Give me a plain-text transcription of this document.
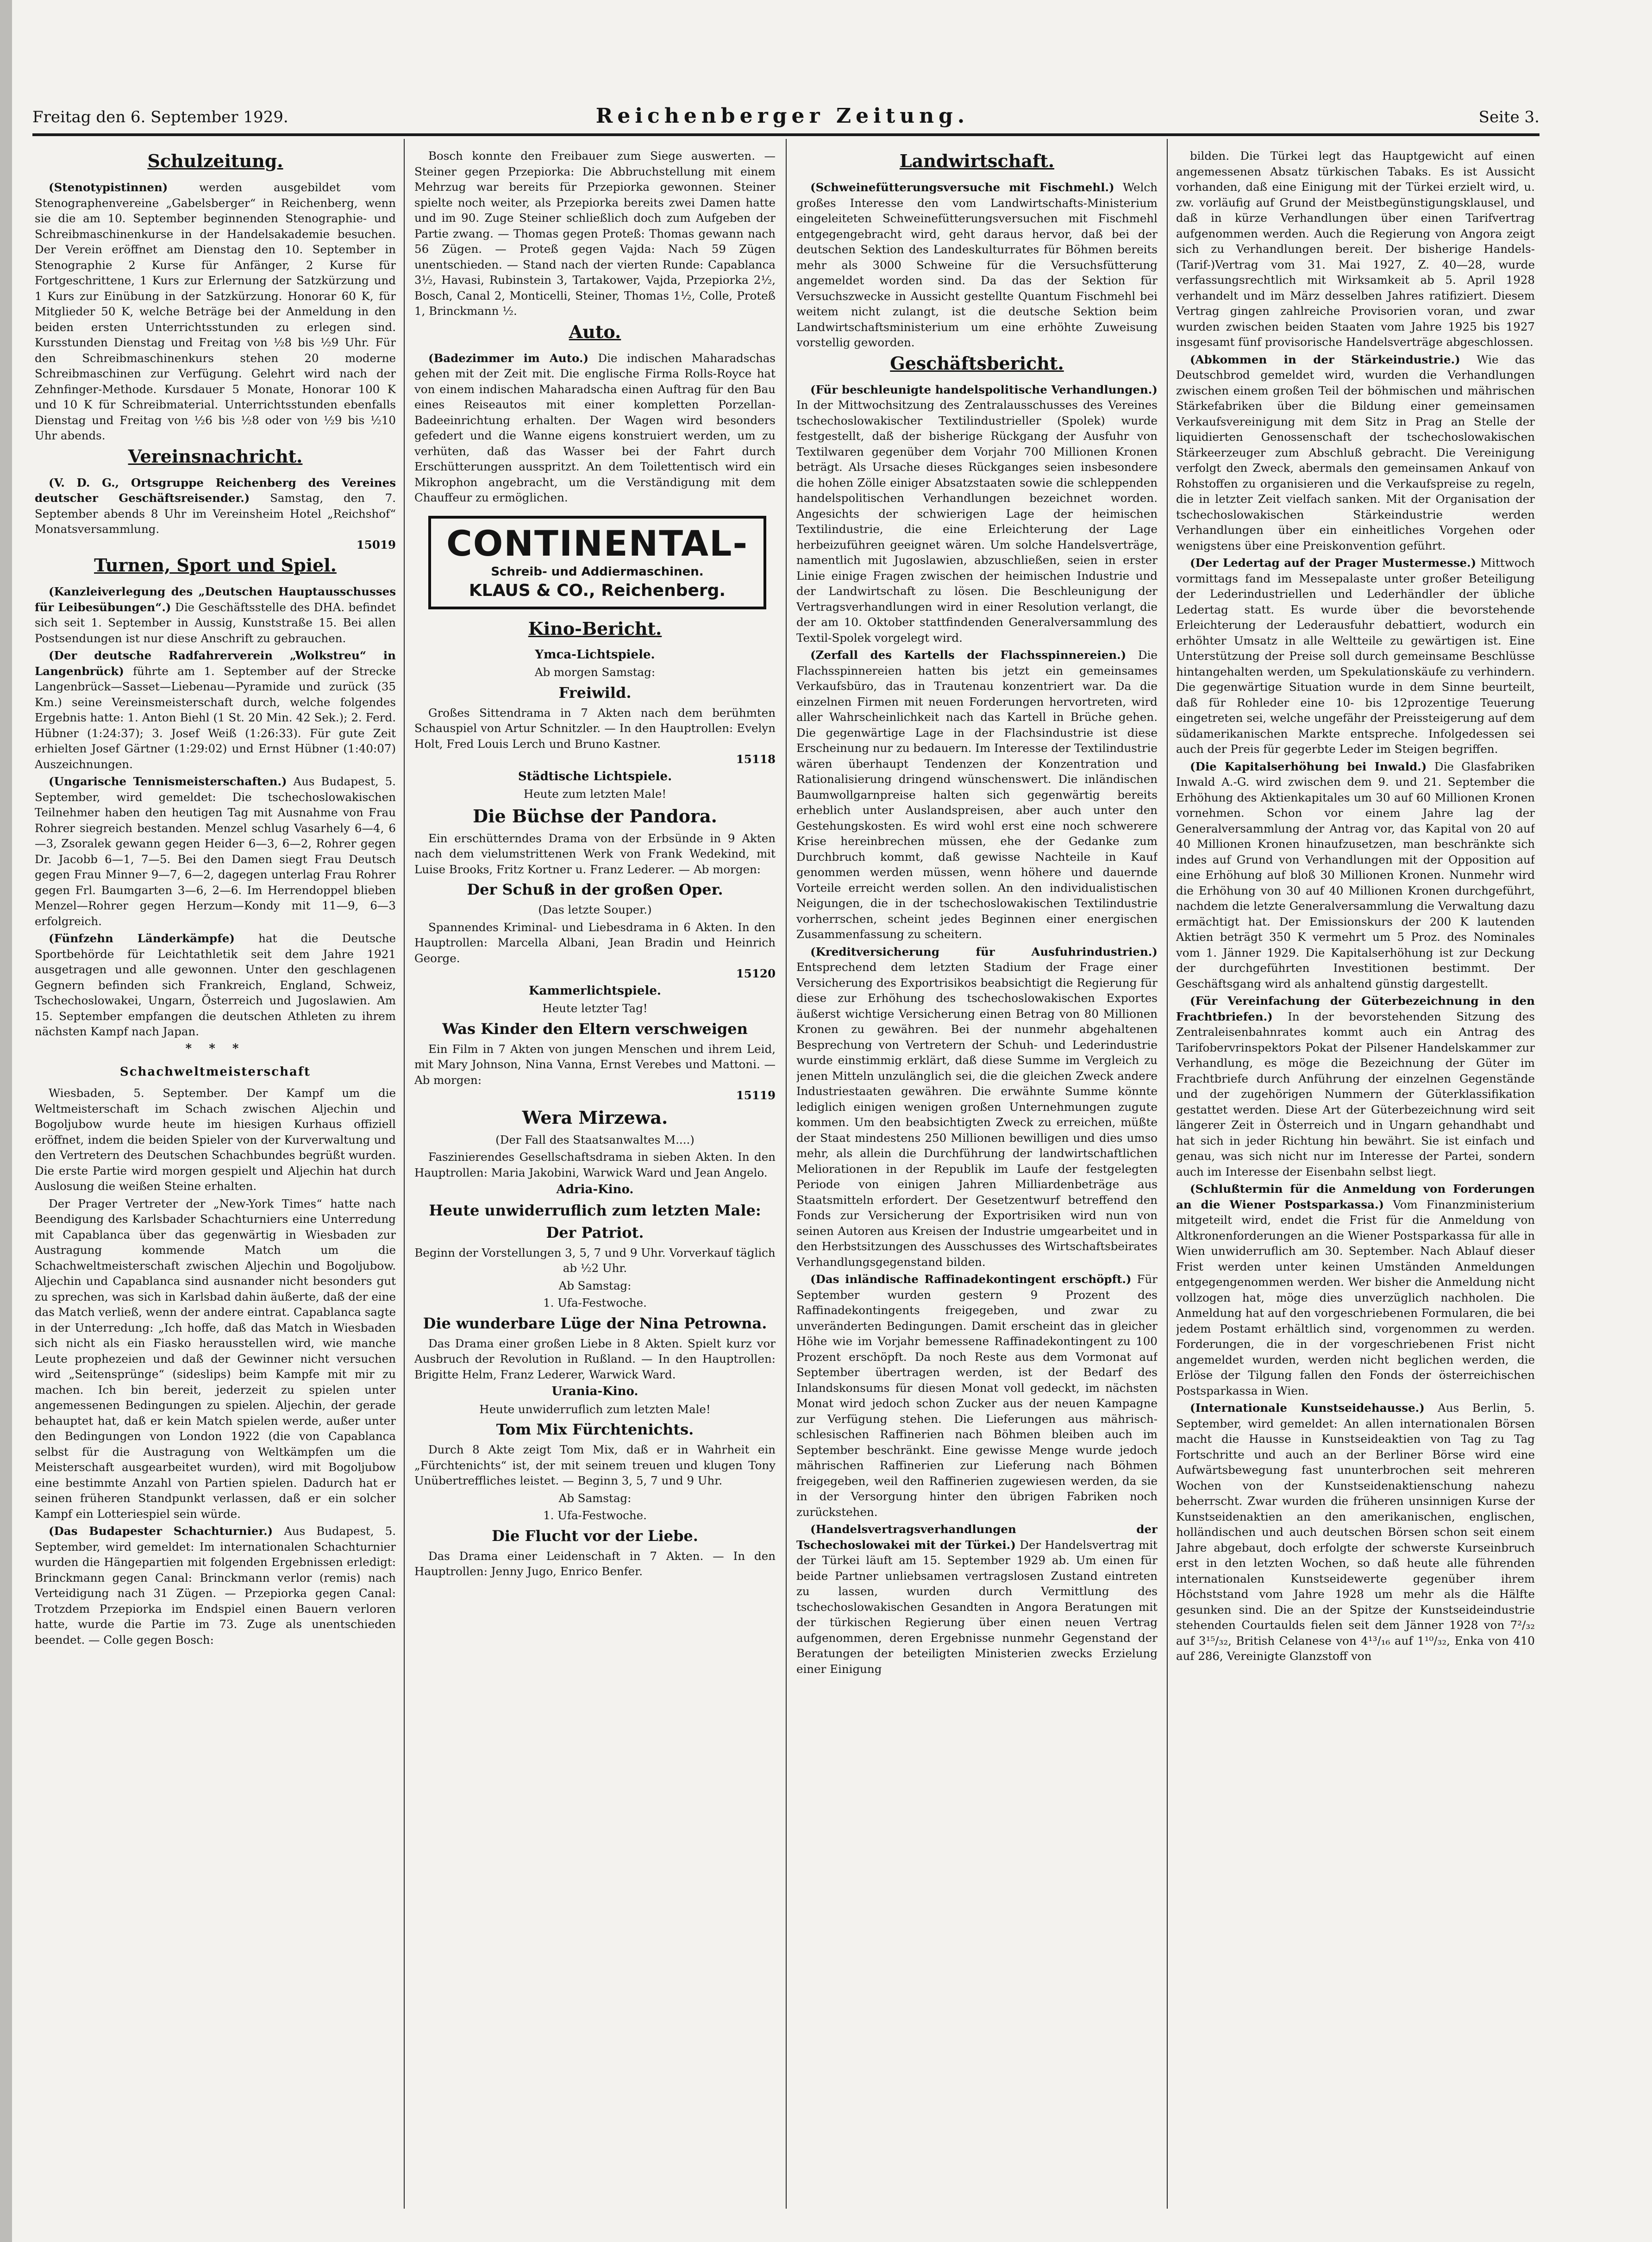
Freitag den 6. September 1929.	Reichenberger Zeitung.	Seite 3.
Schulzeitung.

(Stenotypistinnen)	werden ausgebildet vom Stenographenvereine „Gabelsberger“ in Reichenberg, wenn sie die am 10. September beginnenden Stenographie- und Schreibmaschinenkurse in der Handelsakademie besuchen. Der Verein eröffnet am Dienstag den 10. September in Stenographie 2 Kurse für Anfänger, 2 Kurse für Fortgeschrittene, 1 Kurs zur Erlernung der Satzkürzung und 1 Kurs zur Einübung in der Satzkürzung. Honorar 60 K, für Mitglieder 50 K, welche Beträge bei der Anmeldung in den beiden ersten Unterrichtsstunden zu erlegen sind. Kursstunden Dienstag und Freitag von ½8 bis ½9 Uhr. Für den Schreibmaschinenkurs stehen 20 moderne Schreibmaschinen zur Verfügung. Gelehrt wird nach der Zehnfinger-Methode. Kursdauer 5 Monate, Honorar 100 K und 10 K für Schreibmaterial. Unterrichtsstunden ebenfalls Dienstag und Freitag von ½6 bis ½8 oder von ½9 bis ½10 Uhr abends.

Vereinsnachricht.

(V. D. G., Ortsgruppe Reichenberg des Vereines deutscher Geschäftsreisender.) Samstag, den 7. September abends 8 Uhr im Vereinsheim Hotel „Reichshof“ Monatsversammlung.
15019

Turnen, Sport und Spiel.

(Kanzleiverlegung des „Deutschen Hauptausschusses für Leibesübungen“.) Die Geschäftsstelle des DHA. befindet sich seit 1. September in Aussig, Kunststraße 15. Bei allen Postsendungen ist nur diese Anschrift zu gebrauchen.

(Der deutsche Radfahrerverein „Wolkstreu“ in Langenbrück) führte am 1. September auf der Strecke Langenbrück—Sasset—Liebenau—Pyramide und zurück (35 Km.) seine Vereinsmeisterschaft durch, welche folgendes Ergebnis hatte: 1. Anton Biehl (1 St. 20 Min. 42 Sek.); 2. Ferd. Hübner (1:24:37); 3. Josef Weiß (1:26:33). Für gute Zeit erhielten Josef Gärtner (1:29:02) und Ernst Hübner (1:40:07) Auszeichnungen.

(Ungarische Tennismeisterschaften.) Aus Budapest, 5. September, wird gemeldet: Die tschechoslowakischen Teilnehmer haben den heutigen Tag mit Ausnahme von Frau Rohrer siegreich bestanden. Menzel schlug Vasarhely 6—4, 6—3, Zsoralek gewann gegen Heider 6—3, 6—2, Rohrer gegen Dr. Jacobb 6—1, 7—5. Bei den Damen siegt Frau Deutsch gegen Frau Minner 9—7, 6—2, dagegen unterlag Frau Rohrer gegen Frl. Baumgarten 3—6, 2—6. Im Herrendoppel blieben Menzel—Rohrer gegen Herzum—Kondy mit 11—9, 6—3 erfolgreich.

(Fünfzehn Länderkämpfe) hat die Deutsche Sportbehörde für Leichtathletik seit dem Jahre 1921 ausgetragen und alle gewonnen. Unter den geschlagenen Gegnern befinden sich Frankreich, England, Schweiz, Tschechoslowakei, Ungarn, Österreich und Jugoslawien. Am 15. September empfangen die deutschen Athleten zu ihrem nächsten Kampf nach Japan.

* * *
Schachweltmeisterschaft

Wiesbaden, 5. September. Der Kampf um die Weltmeisterschaft im Schach zwischen Aljechin und Bogoljubow wurde heute im hiesigen Kurhaus offiziell eröffnet, indem die beiden Spieler von der Kurverwaltung und den Vertretern des Deutschen Schachbundes begrüßt wurden. Die erste Partie wird morgen gespielt und Aljechin hat durch Auslosung die weißen Steine erhalten.

Der Prager Vertreter der „New-York Times“ hatte nach Beendigung des Karlsbader Schachturniers eine Unterredung mit Capablanca über das gegenwärtig in Wiesbaden zur Austragung kommende Match um die Schachweltmeisterschaft zwischen Aljechin und Bogoljubow. Aljechin und Capablanca sind ausnander nicht besonders gut zu sprechen, was sich in Karlsbad dahin äußerte, daß der eine das Match verließ, wenn der andere eintrat. Capablanca sagte in der Unterredung: „Ich hoffe, daß das Match in Wiesbaden sich nicht als ein Fiasko herausstellen wird, wie manche Leute prophezeien und daß der Gewinner nicht versuchen wird „Seitensprünge“ (sideslips) beim Kampfe mit mir zu machen. Ich bin bereit, jederzeit zu spielen unter angemessenen Bedingungen zu spielen. Aljechin, der gerade behauptet hat, daß er kein Match spielen werde, außer unter den Bedingungen von London 1922 (die von Capablanca selbst für die Austragung von Weltkämpfen um die Meisterschaft ausgearbeitet wurden), wird mit Bogoljubow eine bestimmte Anzahl von Partien spielen. Dadurch hat er seinen früheren Standpunkt verlassen, daß er ein solcher Kampf ein Lotteriespiel sein würde.

(Das Budapester Schachturnier.) Aus Budapest, 5. September, wird gemeldet: Im internationalen Schachturnier wurden die Hängepartien mit folgenden Ergebnissen erledigt: Brinckmann gegen Canal: Brinckmann verlor (remis) nach Verteidigung nach 31 Zügen. — Przepiorka gegen Canal: Trotzdem Przepiorka im Endspiel einen Bauern verloren hatte, wurde die Partie im 73. Zuge als unentschieden beendet. — Colle gegen Bosch:

Bosch konnte den Freibauer zum Siege auswerten. — Steiner gegen Przepiorka: Die Abbruchstellung mit einem Mehrzug war bereits für Przepiorka gewonnen. Steiner spielte noch weiter, als Przepiorka bereits zwei Damen hatte und im 90. Zuge Steiner schließlich doch zum Aufgeben der Partie zwang. — Thomas gegen Proteß: Thomas gewann nach 56 Zügen. — Proteß gegen Vajda: Nach 59 Zügen unentschieden. — Stand nach der vierten Runde: Capablanca 3½, Havasi, Rubinstein 3, Tartakower, Vajda, Przepiorka 2½, Bosch, Canal 2, Monticelli, Steiner, Thomas 1½, Colle, Proteß 1, Brinckmann ½.

Auto.

(Badezimmer im Auto.) Die indischen Maharadschas gehen mit der Zeit mit. Die englische Firma Rolls-Royce hat von einem indischen Maharadscha einen Auftrag für den Bau eines Reiseautos mit einer kompletten Porzellan-Badeeinrichtung erhalten. Der Wagen wird besonders gefedert und die Wanne eigens konstruiert werden, um zu verhüten, daß das Wasser bei der Fahrt durch Erschütterungen ausspritzt. An dem Toilettentisch wird ein Mikrophon angebracht, um die Verständigung mit dem Chauffeur zu ermöglichen.

CONTINENTAL-
Schreib- und Addiermaschinen.
KLAUS & CO., Reichenberg.
Kino-Bericht.
Ymca-Lichtspiele.

Ab morgen Samstag:

Freiwild.

Großes Sittendrama in 7 Akten nach dem berühmten Schauspiel von Artur Schnitzler. — In den Hauptrollen: Evelyn Holt, Fred Louis Lerch und Bruno Kastner.
15118

Städtische Lichtspiele.

Heute zum letzten Male!

Die Büchse der Pandora.

Ein erschütterndes Drama von der Erbsünde in 9 Akten nach dem vielumstrittenen Werk von Frank Wedekind, mit Luise Brooks, Fritz Kortner u. Franz Lederer. — Ab morgen:

Der Schuß in der großen Oper.

(Das letzte Souper.)

Spannendes Kriminal- und Liebesdrama in 6 Akten. In den Hauptrollen: Marcella Albani, Jean Bradin und Heinrich George.
15120

Kammerlichtspiele.

Heute letzter Tag!

Was Kinder den Eltern verschweigen

Ein Film in 7 Akten von jungen Menschen und ihrem Leid, mit Mary Johnson, Nina Vanna, Ernst Verebes und Mattoni. — Ab morgen:
15119

Wera Mirzewa.

(Der Fall des Staatsanwaltes M....)

Faszinierendes Gesellschaftsdrama in sieben Akten. In den Hauptrollen: Maria Jakobini, Warwick Ward und Jean Angelo.

Adria-Kino.
Heute unwiderruflich zum letzten Male:
Der Patriot.

Beginn der Vorstellungen 3, 5, 7 und 9 Uhr. Vorverkauf täglich ab ½2 Uhr.

Ab Samstag:

1. Ufa-Festwoche.

Die wunderbare Lüge der Nina Petrowna.

Das Drama einer großen Liebe in 8 Akten. Spielt kurz vor Ausbruch der Revolution in Rußland. — In den Hauptrollen: Brigitte Helm, Franz Lederer, Warwick Ward.

Urania-Kino.

Heute unwiderruflich zum letzten Male!

Tom Mix Fürchtenichts.

Durch 8 Akte zeigt Tom Mix, daß er in Wahrheit ein „Fürchtenichts“ ist, der mit seinem treuen und klugen Tony Unübertreffliches leistet. — Beginn 3, 5, 7 und 9 Uhr.

Ab Samstag:

1. Ufa-Festwoche.

Die Flucht vor der Liebe.

Das Drama einer Leidenschaft in 7 Akten. — In den Hauptrollen: Jenny Jugo, Enrico Benfer.

Landwirtschaft.

(Schweinefütterungsversuche mit Fischmehl.) Welch großes Interesse den vom Landwirtschafts-Ministerium eingeleiteten Schweinefütterungsversuchen mit Fischmehl entgegengebracht wird, geht daraus hervor, daß bei der deutschen Sektion des Landeskulturrates für Böhmen bereits mehr als 3000 Schweine für die Versuchsfütterung angemeldet worden sind. Da das der Sektion für Versuchszwecke in Aussicht gestellte Quantum Fischmehl bei weitem nicht zulangt, ist die deutsche Sektion beim Landwirtschaftsministerium um eine erhöhte Zuweisung vorstellig geworden.

Geschäftsbericht.

(Für beschleunigte handelspolitische Verhandlungen.) In der Mittwochsitzung des Zentralausschusses des Vereines tschechoslowakischer Textilindustrieller (Spolek) wurde festgestellt, daß der bisherige Rückgang der Ausfuhr von Textilwaren gegenüber dem Vorjahr 700 Millionen Kronen beträgt. Als Ursache dieses Rückganges seien insbesondere die hohen Zölle einiger Absatzstaaten sowie die schleppenden handelspolitischen Verhandlungen bezeichnet worden. Angesichts der schwierigen Lage der heimischen Textilindustrie, die eine Erleichterung der Lage herbeizuführen geeignet wären. Um solche Handelsverträge, namentlich mit Jugoslawien, abzuschließen, seien in erster Linie einige Fragen zwischen der heimischen Industrie und der Landwirtschaft zu lösen. Die Beschleunigung der Vertragsverhandlungen wird in einer Resolution verlangt, die der am 10. Oktober stattfindenden Generalversammlung des Textil-Spolek vorgelegt wird.

(Zerfall des Kartells der Flachsspinnereien.) Die Flachsspinnereien hatten bis jetzt ein gemeinsames Verkaufsbüro, das in Trautenau konzentriert war. Da die einzelnen Firmen mit neuen Forderungen hervortreten, wird aller Wahrscheinlichkeit nach das Kartell in Brüche gehen. Die gegenwärtige Lage in der Flachsindustrie ist diese Erscheinung nur zu bedauern. Im Interesse der Textilindustrie wären überhaupt Tendenzen der Konzentration und Rationalisierung dringend wünschenswert. Die inländischen Baumwollgarnpreise halten sich gegenwärtig bereits erheblich unter Auslandspreisen, aber auch unter den Gestehungskosten. Es wird wohl erst eine noch schwerere Krise hereinbrechen müssen, ehe der Gedanke zum Durchbruch kommt, daß gewisse Nachteile in Kauf genommen werden müssen, wenn höhere und dauernde Vorteile erreicht werden sollen. An den individualistischen Neigungen, die in der tschechoslowakischen Textilindustrie vorherrschen, scheint jedes Beginnen einer energischen Zusammenfassung zu scheitern.

(Kreditversicherung für Ausfuhrindustrien.) Entsprechend dem letzten Stadium der Frage einer Versicherung des Exportrisikos beabsichtigt die Regierung für diese zur Erhöhung des tschechoslowakischen Exportes äußerst wichtige Versicherung einen Betrag von 80 Millionen Kronen zu gewähren. Bei der nunmehr abgehaltenen Besprechung von Vertretern der Schuh- und Lederindustrie wurde einstimmig erklärt, daß diese Summe im Vergleich zu jenen Mitteln unzulänglich sei, die die gleichen Zweck andere Industriestaaten gewähren. Die erwähnte Summe könnte lediglich einigen wenigen großen Unternehmungen zugute kommen. Um den beabsichtigten Zweck zu erreichen, müßte der Staat mindestens 250 Millionen bewilligen und dies umso mehr, als allein die Durchführung der landwirtschaftlichen Meliorationen in der Republik im Laufe der festgelegten Periode von einigen Jahren Milliardenbeträge aus Staatsmitteln erfordert. Der Gesetzentwurf betreffend den Fonds zur Versicherung der Exportrisiken wird nun von seinen Autoren aus Kreisen der Industrie umgearbeitet und in den Herbstsitzungen des Ausschusses des Wirtschaftsbeirates Verhandlungsgegenstand bilden.

(Das inländische Raffinadekontingent erschöpft.) Für September wurden gestern 9 Prozent des Raffinadekontingents freigegeben, und zwar zu unveränderten Bedingungen. Damit erscheint das in gleicher Höhe wie im Vorjahr bemessene Raffinadekontingent zu 100 Prozent erschöpft. Da noch Reste aus dem Vormonat auf September übertragen werden, ist der Bedarf des Inlandskonsums für diesen Monat voll gedeckt, im nächsten Monat wird jedoch schon Zucker aus der neuen Kampagne zur Verfügung stehen. Die Lieferungen aus mährisch-schlesischen Raffinerien nach Böhmen bleiben auch im September beschränkt. Eine gewisse Menge wurde jedoch mährischen Raffinerien zur Lieferung nach Böhmen freigegeben, weil den Raffinerien zugewiesen werden, da sie in der Versorgung hinter den übrigen Fabriken noch zurückstehen.

(Handelsvertragsverhandlungen der Tschechoslowakei mit der Türkei.) Der Handelsvertrag mit der Türkei läuft am 15. September 1929 ab. Um einen für beide Partner unliebsamen vertragslosen Zustand eintreten zu lassen, wurden durch Vermittlung des tschechoslowakischen Gesandten in Angora Beratungen mit der türkischen Regierung über einen neuen Vertrag aufgenommen, deren Ergebnisse nunmehr Gegenstand der Beratungen der beteiligten Ministerien zwecks Erzielung einer Einigung

bilden. Die Türkei legt das Hauptgewicht auf einen angemessenen Absatz türkischen Tabaks. Es ist Aussicht vorhanden, daß eine Einigung mit der Türkei erzielt wird, u. zw. vorläufig auf Grund der Meistbegünstigungsklausel, und daß in kürze Verhandlungen über einen Tarifvertrag aufgenommen werden. Auch die Regierung von Angora zeigt sich zu Verhandlungen bereit. Der bisherige Handels-(Tarif-)Vertrag vom 31. Mai 1927, Z. 40—28, wurde verfassungsrechtlich mit Wirksamkeit ab 5. April 1928 verhandelt und im März desselben Jahres ratifiziert. Diesem Vertrag gingen zahlreiche Provisorien voran, und zwar wurden zwischen beiden Staaten vom Jahre 1925 bis 1927 insgesamt fünf provisorische Handelsverträge abgeschlossen.

(Abkommen in der Stärkeindustrie.) Wie das Deutschbrod gemeldet wird, wurden die Verhandlungen zwischen einem großen Teil der böhmischen und mährischen Stärkefabriken über die Bildung einer gemeinsamen Verkaufsvereinigung mit dem Sitz in Prag an Stelle der liquidierten Genossenschaft der tschechoslowakischen Stärkeerzeuger zum Abschluß gebracht. Die Vereinigung verfolgt den Zweck, abermals den gemeinsamen Ankauf von Rohstoffen zu organisieren und die Verkaufspreise zu regeln, die in letzter Zeit vielfach sanken. Mit der Organisation der tschechoslowakischen Stärkeindustrie werden Verhandlungen über ein einheitliches Vorgehen oder wenigstens über eine Preiskonvention geführt.

(Der Ledertag auf der Prager Mustermesse.) Mittwoch vormittags fand im Messepalaste unter großer Beteiligung der Lederindustriellen und Lederhändler der übliche Ledertag statt. Es wurde über die bevorstehende Erleichterung der Lederausfuhr debattiert, wodurch ein erhöhter Umsatz in alle Weltteile zu gewärtigen ist. Eine Unterstützung der Preise soll durch gemeinsame Beschlüsse hintangehalten werden, um Spekulationskäufe zu verhindern. Die gegenwärtige Situation wurde in dem Sinne beurteilt, daß für Rohleder eine 10- bis 12prozentige Teuerung eingetreten sei, welche ungefähr der Preissteigerung auf dem südamerikanischen Markte entspreche. Infolgedessen sei auch der Preis für gegerbte Leder im Steigen begriffen.

(Die Kapitalserhöhung bei Inwald.) Die Glasfabriken Inwald A.-G. wird zwischen dem 9. und 21. September die Erhöhung des Aktienkapitales um 30 auf 60 Millionen Kronen vornehmen. Schon vor einem Jahre lag der Generalversammlung der Antrag vor, das Kapital von 20 auf 40 Millionen Kronen hinaufzusetzen, man beschränkte sich indes auf Grund von Verhandlungen mit der Opposition auf eine Erhöhung auf bloß 30 Millionen Kronen. Nunmehr wird die Erhöhung von 30 auf 40 Millionen Kronen durchgeführt, nachdem die letzte Generalversammlung die Verwaltung dazu ermächtigt hat. Der Emissionskurs der 200 K lautenden Aktien beträgt 350 K vermehrt um 5 Proz. des Nominales vom 1. Jänner 1929. Die Kapitalserhöhung ist zur Deckung der durchgeführten Investitionen bestimmt. Der Geschäftsgang wird als anhaltend günstig dargestellt.

(Für Vereinfachung der Güterbezeichnung in den Frachtbriefen.) In der bevorstehenden Sitzung des Zentraleisenbahnrates kommt auch ein Antrag des Tarifobervrinspektors Pokat der Pilsener Handelskammer zur Verhandlung, es möge die Bezeichnung der Güter im Frachtbriefe durch Anführung der einzelnen Gegenstände und der zugehörigen Nummern der Güterklassifikation gestattet werden. Diese Art der Güterbezeichnung wird seit längerer Zeit in Österreich und in Ungarn gehandhabt und hat sich in jeder Richtung hin bewährt. Sie ist einfach und genau, was sich nicht nur im Interesse der Partei, sondern auch im Interesse der Eisenbahn selbst liegt.

(Schlußtermin für die Anmeldung von Forderungen an die Wiener Postsparkassa.) Vom Finanzministerium mitgeteilt wird, endet die Frist für die Anmeldung von Altkronenforderungen an die Wiener Postsparkassa für alle in Wien unwiderruflich am 30. September. Nach Ablauf dieser Frist werden unter keinen Umständen Anmeldungen entgegengenommen werden. Wer bisher die Anmeldung nicht vollzogen hat, möge dies unverzüglich nachholen. Die Anmeldung hat auf den vorgeschriebenen Formularen, die bei jedem Postamt erhältlich sind, vorgenommen zu werden. Forderungen, die in der vorgeschriebenen Frist nicht angemeldet wurden, werden nicht beglichen werden, die Erlöse der Tilgung fallen den Fonds der österreichischen Postsparkassa in Wien.

(Internationale Kunstseidehausse.) Aus Berlin, 5. September, wird gemeldet: An allen internationalen Börsen macht die Hausse in Kunstseideaktien von Tag zu Tag Fortschritte und auch an der Berliner Börse wird eine Aufwärtsbewegung fast ununterbrochen seit mehreren Wochen von der Kunstseidenaktienschung nahezu beherrscht. Zwar wurden die früheren unsinnigen Kurse der Kunstseidenaktien an den amerikanischen, englischen, holländischen und auch deutschen Börsen schon seit einem Jahre abgebaut, doch erfolgte der schwerste Kurseinbruch erst in den letzten Wochen, so daß heute alle führenden internationalen Kunstseidewerte gegenüber ihrem Höchststand vom Jahre 1928 um mehr als die Hälfte gesunken sind. Die an der Spitze der Kunstseideindustrie stehenden Courtaulds fielen seit dem Jänner 1928 von 7²/₃₂ auf 3¹⁵/₃₂, British Celanese von 4¹³/₁₆ auf 1¹⁰/₃₂, Enka von 410 auf 286, Vereinigte Glanzstoff von
